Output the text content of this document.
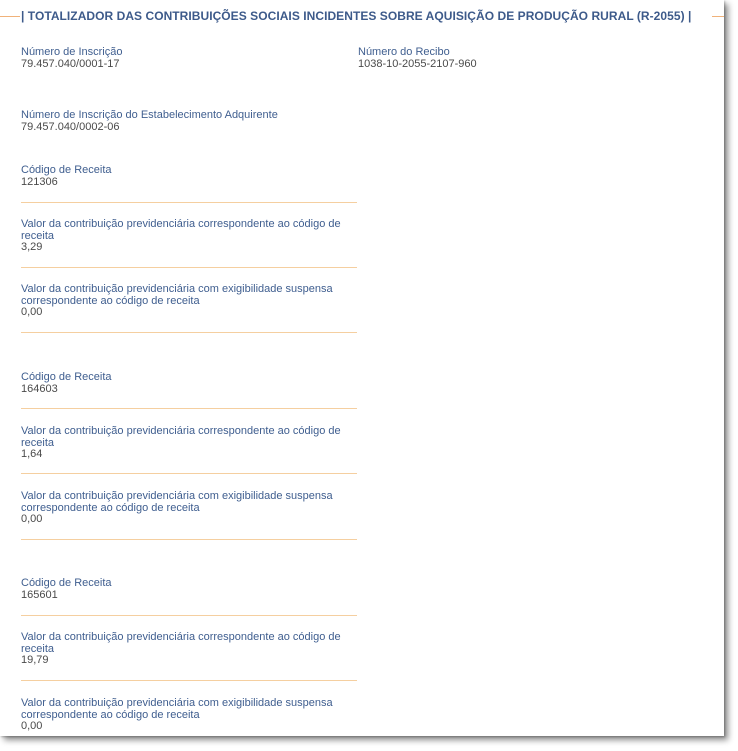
| TOTALIZADOR DAS CONTRIBUIÇÕES SOCIAIS INCIDENTES SOBRE AQUISIÇÃO DE PRODUÇÃO RURAL (R-2055) |
Número de Inscrição
79.457.040/0001-17
Número do Recibo
1038-10-2055-2107-960
Número de Inscrição do Estabelecimento Adquirente
79.457.040/0002-06
Código de Receita
121306
Valor da contribuição previdenciária correspondente ao código de receita
3,29
Valor da contribuição previdenciária com exigibilidade suspensa correspondente ao código de receita
0,00
Código de Receita
164603
Valor da contribuição previdenciária correspondente ao código de receita
1,64
Valor da contribuição previdenciária com exigibilidade suspensa correspondente ao código de receita
0,00
Código de Receita
165601
Valor da contribuição previdenciária correspondente ao código de receita
19,79
Valor da contribuição previdenciária com exigibilidade suspensa correspondente ao código de receita
0,00
